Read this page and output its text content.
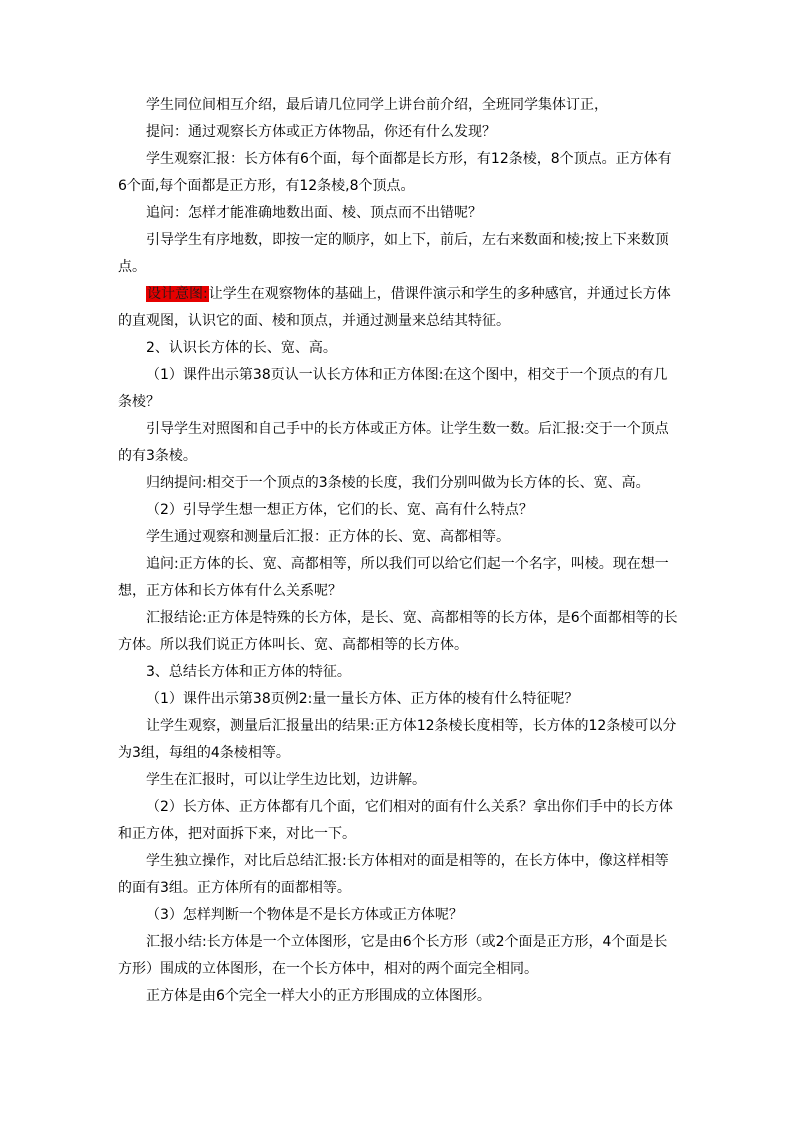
学生同位间相互介绍，最后请几位同学上讲台前介绍，全班同学集体订正，

提问：通过观察长方体或正方体物品，你还有什么发现？

学生观察汇报：长方体有6个面，每个面都是长方形，有12条棱，8个顶点。正方体有6个面,每个面都是正方形，有12条棱,8个顶点。

追问：怎样才能准确地数出面、棱、顶点而不出错呢？

引导学生有序地数，即按一定的顺序，如上下，前后，左右来数面和棱;按上下来数顶点。

设计意图:让学生在观察物体的基础上，借课件演示和学生的多种感官，并通过长方体的直观图，认识它的面、棱和顶点，并通过测量来总结其特征。

2、认识长方体的长、宽、高。

（1）课件出示第38页认一认长方体和正方体图:在这个图中，相交于一个顶点的有几条棱？

引导学生对照图和自己手中的长方体或正方体。让学生数一数。后汇报:交于一个顶点的有3条棱。

归纳提问:相交于一个顶点的3条棱的长度，我们分别叫做为长方体的长、宽、高。

（2）引导学生想一想正方体，它们的长、宽、高有什么特点？

学生通过观察和测量后汇报：正方体的长、宽、高都相等。

追问:正方体的长、宽、高都相等，所以我们可以给它们起一个名字，叫棱。现在想一想，正方体和长方体有什么关系呢？

汇报结论:正方体是特殊的长方体，是长、宽、高都相等的长方体，是6个面都相等的长方体。所以我们说正方体叫长、宽、高都相等的长方体。

3、总结长方体和正方体的特征。

（1）课件出示第38页例2:量一量长方体、正方体的棱有什么特征呢？

让学生观察，测量后汇报量出的结果:正方体12条棱长度相等，长方体的12条棱可以分为3组，每组的4条棱相等。

学生在汇报时，可以让学生边比划，边讲解。

（2）长方体、正方体都有几个面，它们相对的面有什么关系？拿出你们手中的长方体和正方体，把对面拆下来，对比一下。

学生独立操作，对比后总结汇报:长方体相对的面是相等的，在长方体中，像这样相等的面有3组。正方体所有的面都相等。

（3）怎样判断一个物体是不是长方体或正方体呢？

汇报小结:长方体是一个立体图形，它是由6个长方形（或2个面是正方形，4个面是长方形）围成的立体图形，在一个长方体中，相对的两个面完全相同。

正方体是由6个完全一样大小的正方形围成的立体图形。
